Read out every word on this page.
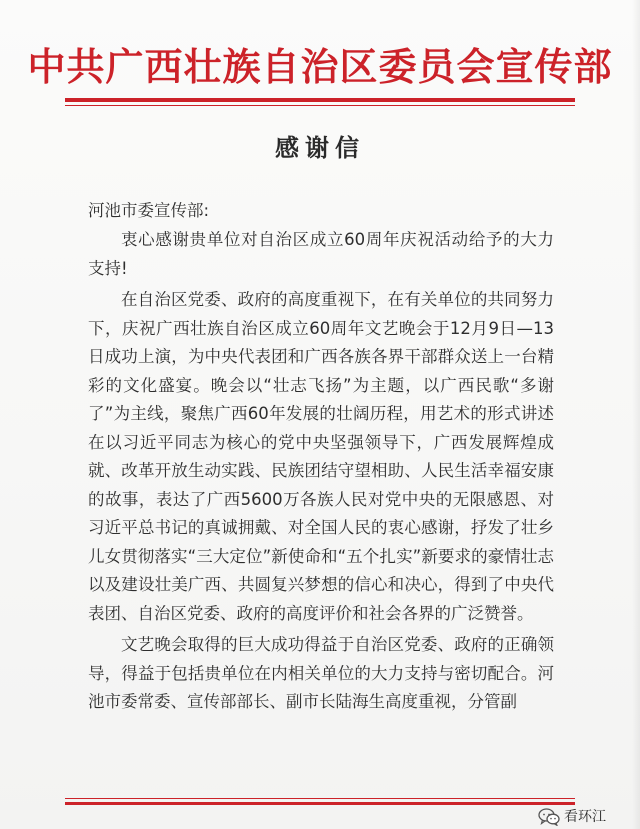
中共广西壮族自治区委员会宣传部
感谢信
河池市委宣传部:

衷心感谢贵单位对自治区成立60周年庆祝活动给予的大力支持!

在自治区党委、政府的高度重视下，在有关单位的共同努力下，庆祝广西壮族自治区成立60周年文艺晚会于12月9日—13日成功上演，为中央代表团和广西各族各界干部群众送上一台精彩的文化盛宴。晚会以“壮志飞扬”为主题，以广西民歌“多谢了”为主线，聚焦广西60年发展的壮阔历程，用艺术的形式讲述在以习近平同志为核心的党中央坚强领导下，广西发展辉煌成就、改革开放生动实践、民族团结守望相助、人民生活幸福安康的故事，表达了广西5600万各族人民对党中央的无限感恩、对习近平总书记的真诚拥戴、对全国人民的衷心感谢，抒发了壮乡儿女贯彻落实“三大定位”新使命和“五个扎实”新要求的豪情壮志以及建设壮美广西、共圆复兴梦想的信心和决心，得到了中央代表团、自治区党委、政府的高度评价和社会各界的广泛赞誉。

文艺晚会取得的巨大成功得益于自治区党委、政府的正确领导，得益于包括贵单位在内相关单位的大力支持与密切配合。河池市委常委、宣传部部长、副市长陆海生高度重视，分管副

看环江
